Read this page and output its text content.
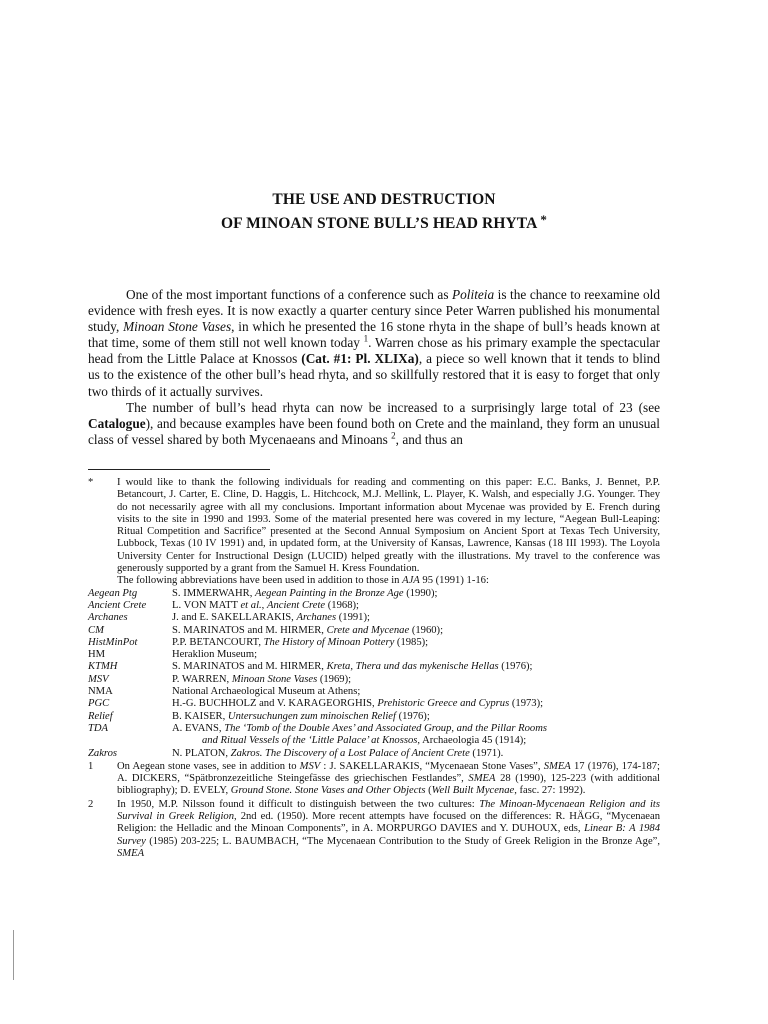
THE USE AND DESTRUCTION
OF MINOAN STONE BULL’S HEAD RHYTA *

One of the most important functions of a conference such as Politeia is the chance to reexamine old evidence with fresh eyes. It is now exactly a quarter century since Peter Warren published his monumental study, Minoan Stone Vases, in which he presented the 16 stone rhyta in the shape of bull’s heads known at that time, some of them still not well known today $^1$. Warren chose as his primary example the spectacular head from the Little Palace at Knossos (Cat. #1: Pl. XLIXa), a piece so well known that it tends to blind us to the existence of the other bull’s head rhyta, and so skillfully restored that it is easy to forget that only two thirds of it actually survives.

The number of bull’s head rhyta can now be increased to a surprisingly large total of 23 (see Catalogue), and because examples have been found both on Crete and the mainland, they form an unusual class of vessel shared by both Mycenaeans and Minoans $^2$, and thus an

*	I would like to thank the following individuals for reading and commenting on this paper: E.C. Banks, J. Bennet, P.P. Betancourt, J. Carter, E. Cline, D. Haggis, L. Hitchcock, M.J. Mellink, L. Player, K. Walsh, and especially J.G. Younger. They do not necessarily agree with all my conclusions. Important information about Mycenae was provided by E. French during visits to the site in 1990 and 1993. Some of the material presented here was covered in my lecture, “Aegean Bull-Leaping: Ritual Competition and Sacrifice” presented at the Second Annual Symposium on Ancient Sport at Texas Tech University, Lubbock, Texas (10 IV 1991) and, in updated form, at the University of Kansas, Lawrence, Kansas (18 III 1993). The Loyola University Center for Instructional Design (LUCID) helped greatly with the illustrations. My travel to the conference was generously supported by a grant from the Samuel H. Kress Foundation.
The following abbreviations have been used in addition to those in AJA 95 (1991) 1-16:
Aegean Ptg	S. IMMERWAHR, Aegean Painting in the Bronze Age (1990);
Ancient Crete	L. VON MATT et al., Ancient Crete (1968);
Archanes	J. and E. SAKELLARAKIS, Archanes (1991);
CM	S. MARINATOS and M. HIRMER, Crete and Mycenae (1960);
HistMinPot	P.P. BETANCOURT, The History of Minoan Pottery (1985);
HM	Heraklion Museum;
KTMH	S. MARINATOS and M. HIRMER, Kreta, Thera und das mykenische Hellas (1976);
MSV	P. WARREN, Minoan Stone Vases (1969);
NMA	National Archaeological Museum at Athens;
PGC	H.-G. BUCHHOLZ and V. KARAGEORGHIS, Prehistoric Greece and Cyprus (1973);
Relief	B. KAISER, Untersuchungen zum minoischen Relief (1976);
TDA	A. EVANS, The ‘Tomb of the Double Axes’ and Associated Group, and the Pillar Rooms
and Ritual Vessels of the ‘Little Palace’ at Knossos, Archaeologia 45 (1914);
Zakros	N. PLATON, Zakros. The Discovery of a Lost Palace of Ancient Crete (1971).
1	On Aegean stone vases, see in addition to MSV : J. SAKELLARAKIS, “Mycenaean Stone Vases”, SMEA 17 (1976), 174-187; A. DICKERS, “Spätbronzezeitliche Steingefässe des griechischen Festlandes”, SMEA 28 (1990), 125-223 (with additional bibliography); D. EVELY, Ground Stone. Stone Vases and Other Objects (Well Built Mycenae, fasc. 27: 1992).
2	In 1950, M.P. Nilsson found it difficult to distinguish between the two cultures: The Minoan-Mycenaean Religion and its Survival in Greek Religion, 2nd ed. (1950). More recent attempts have focused on the differences: R. HÄGG, “Mycenaean Religion: the Helladic and the Minoan Components”, in A. MORPURGO DAVIES and Y. DUHOUX, eds, Linear B: A 1984 Survey (1985) 203-225; L. BAUMBACH, “The Mycenaean Contribution to the Study of Greek Religion in the Bronze Age”, SMEA
